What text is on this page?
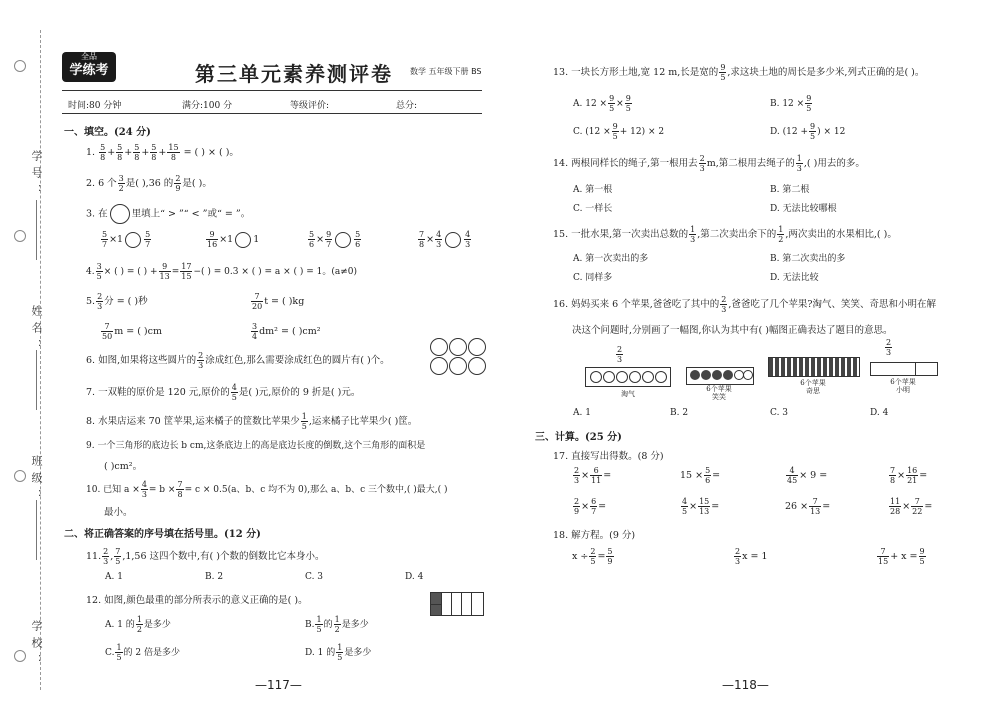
学号：
姓名：
班级：
学校：
全品
学练考	第三单元素养测评卷 数学 五年级下册 BS
时间:80 分钟	满分:100 分	等级评价:	总分:
一、填空。(24 分)
1. $\frac{5}{8} + \frac{5}{8} + \frac{5}{8} + \frac{5}{8} + \frac{15}{8}$ = ( ) × ( )。
2. 6 个 $\frac{3}{2}$ 是( ),36 的 $\frac{2}{9}$ 是( )。
3. 在	里填上“ > ”“ < ”或“ = ”。
$\frac{5}{7} \times 1$	$\frac{5}{7}$	$\frac{9}{16} \times 1$ 1	$\frac{5}{6} \times \frac{9}{7}$	$\frac{5}{6}$	$\frac{7}{8} \times \frac{4}{3}$	$\frac{4}{3}$
4. $\frac{3}{5}$ × ( ) = ( ) + $\frac{9}{13} = \frac{17}{15}$ −( ) = 0.3 × ( ) = a × ( ) = 1。(a≠0)
5. $\frac{2}{3}$ 分 = ( )秒	$\frac{7}{20}$ t = ( )kg
$\frac{7}{50}$ m = ( )cm	$\frac{3}{4} dm^2$ = ( )cm²
6. 如图,如果将这些圆片的 $\frac{2}{3}$ 涂成红色,那么需要涂成红色的圆片有( )个。
7. 一双鞋的原价是 120 元,原价的 $\frac{4}{5}$ 是( )元,原价的 9 折是( )元。
8. 水果店运来 70 筐苹果,运来橘子的筐数比苹果少 $\frac{1}{5}$ ,运来橘子比苹果少( )筐。
9. 一个三角形的底边长 b cm,这条底边上的高是底边长度的倒数,这个三角形的面积是
( )cm²。
10. 已知 $a \times \frac{4}{3} = b \times \frac{7}{8} = c \times 0.5(a$、b、c 均不为 0),那么 a、b、c 三个数中,( )最大,( )
最小。
二、将正确答案的序号填在括号里。(12 分)
11. $\frac{2}{3}$ , $\frac{7}{5} ,1,56$ 这四个数中,有( )个数的倒数比它本身小。
A. 1	B. 2	C. 3	D. 4
12. 如图,颜色最重的部分所表示的意义正确的是( )。
A. 1 的 $\frac{1}{2}$ 是多少	B. $\frac{1}{5}$ 的 $\frac{1}{2}$ 是多少
C. $\frac{1}{5}$ 的 2 倍是多少	D. 1 的 $\frac{1}{5}$ 是多少
—117—
13. 一块长方形土地,宽 12 m,长是宽的 $\frac{9}{5}$ ,求这块土地的周长是多少米,列式正确的是( )。
A. $12 \times \frac{9}{5} \times \frac{9}{5}$	B. $12 \times \frac{9}{5}$
C. $(12 \times \frac{9}{5} + 12) \times 2$	D. ($12 + \frac{9}{5}$ ) × 12
14. 两根同样长的绳子,第一根用去 $\frac{2}{3} m$,第二根用去绳子的 $\frac{1}{3}$ ,( )用去的多。
A. 第一根	B. 第二根
C. 一样长	D. 无法比较哪根
15. 一批水果,第一次卖出总数的 $\frac{1}{3}$ ,第二次卖出余下的 $\frac{1}{2}$ ,两次卖出的水果相比,( )。
A. 第一次卖出的多	B. 第二次卖出的多
C. 同样多	D. 无法比较
16. 妈妈买来 6 个苹果,爸爸吃了其中的 $\frac{2}{3}$ ,爸爸吃了几个苹果?淘气、笑笑、奇思和小明在解
决这个问题时,分别画了一幅图,你认为其中有( )幅图正确表达了题目的意思。
$\frac{2}{3}$
淘气
6个苹果
笑笑
6个苹果
奇思
$\frac{2}{3}$
6个苹果
小明
A. 1	B. 2	C. 3	D. 4
三、计算。(25 分)
17. 直接写出得数。(8 分)
$\frac{2}{3} \times \frac{6}{11}$ =	$15 \times \frac{5}{6}$ =	$\frac{4}{45} \times 9$ =	$\frac{7}{8} \times \frac{16}{21}$ =
$\frac{2}{9} \times \frac{6}{7}$ =	$\frac{4}{5} \times \frac{15}{13}$ =	$26 \times \frac{7}{13}$ =	$\frac{11}{28} \times \frac{7}{22}$ =
18. 解方程。(9 分)
$x \div \frac{2}{5} = \frac{5}{9}$	$\frac{2}{3}$ x = 1	$\frac{7}{15} + x = \frac{9}{5}$
—118—
